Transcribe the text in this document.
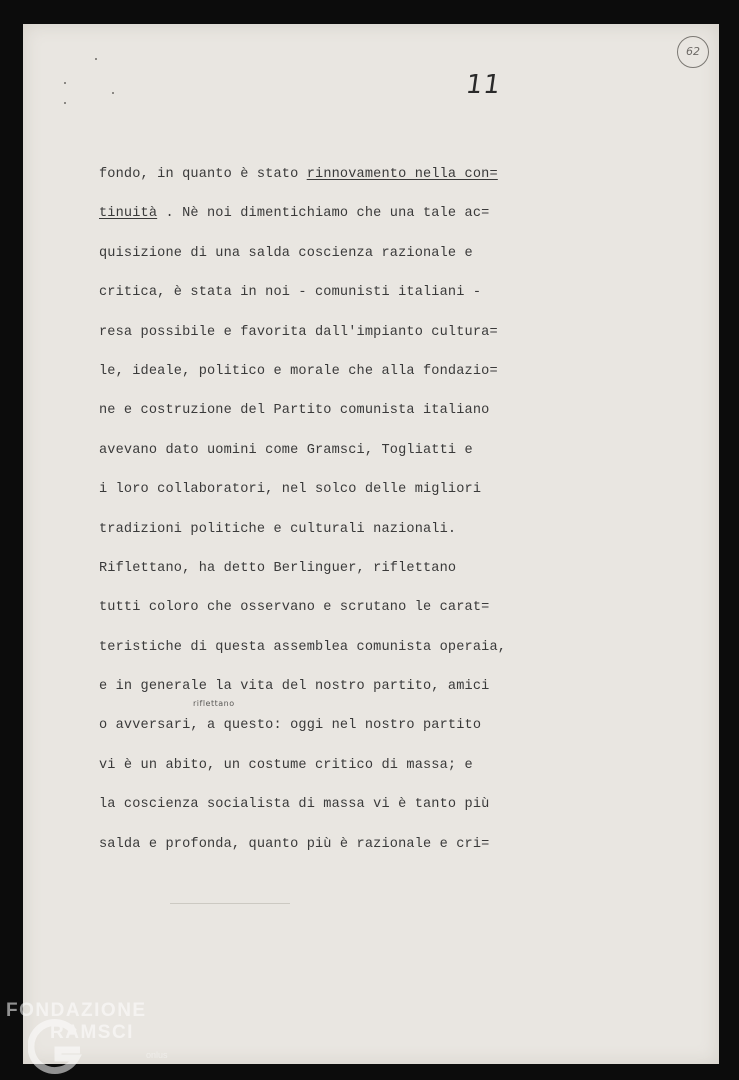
62
11
fondo, in quanto è stato rinnovamento nella con=
tinuità . Nè noi dimentichiamo che una tale ac=
quisizione di una salda coscienza razionale e
critica, è stata in noi - comunisti italiani -
resa possibile e favorita dall'impianto cultura=
le, ideale, politico e morale che alla fondazio=
ne e costruzione del Partito comunista italiano
avevano dato uomini come Gramsci, Togliatti e
i loro collaboratori, nel solco delle migliori
tradizioni politiche e culturali nazionali.
Riflettano, ha detto Berlinguer, riflettano
tutti coloro che osservano e scrutano le carat=
teristiche di questa assemblea comunista operaia,
e in generale la vita del nostro partito, amici
o avversari, a questo: oggi nel nostro partito
vi è un abito, un costume critico di massa; e
la coscienza socialista di massa vi è tanto più
salda e profonda, quanto più è razionale e cri=
riflettano
FONDAZIONE
RAMSCI
onlus
